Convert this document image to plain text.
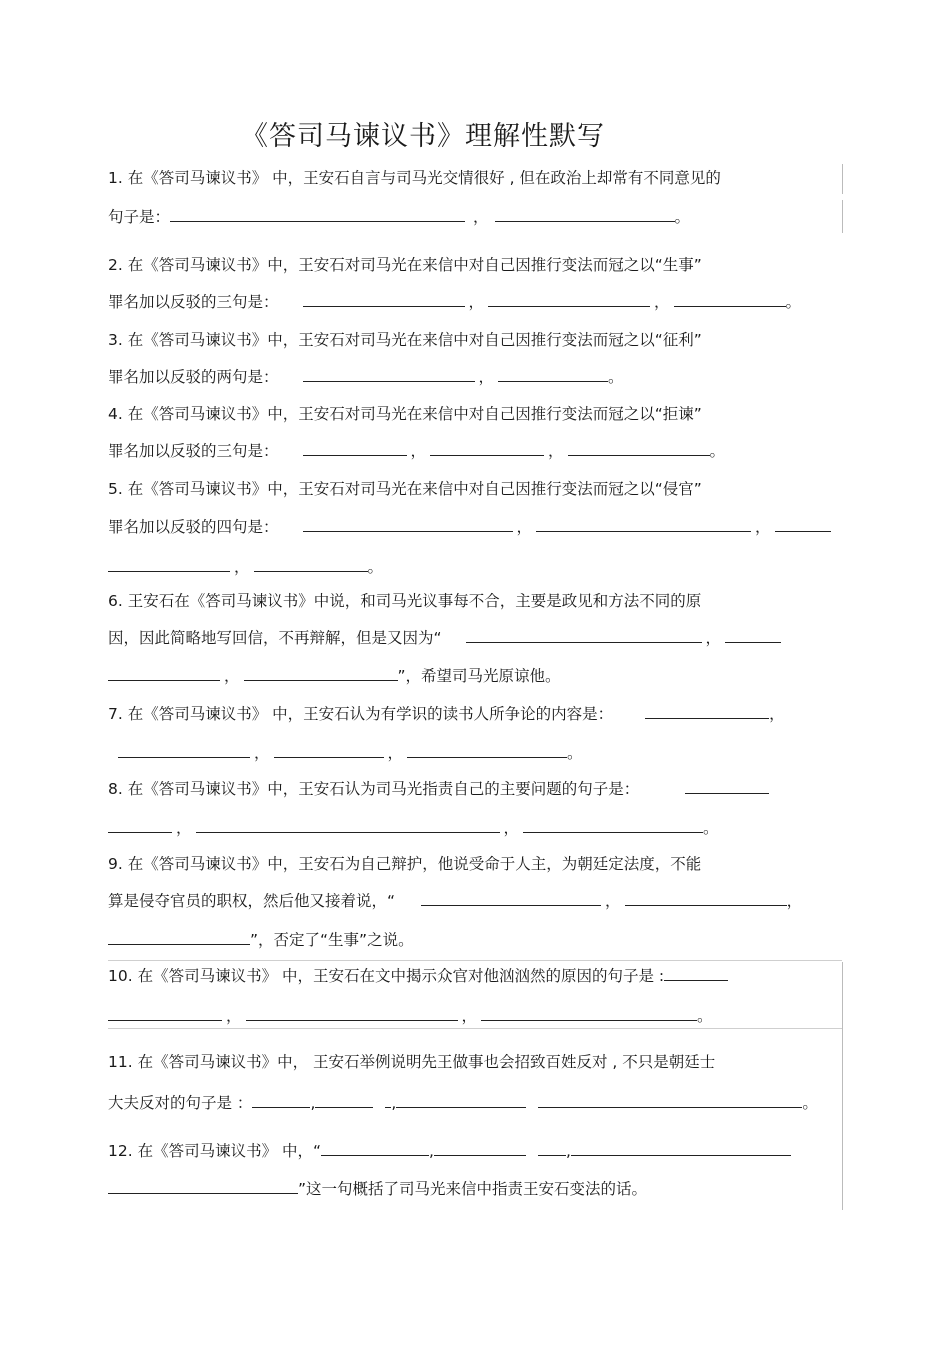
《答司马谏议书》理解性默写
1. 在《答司马谏议书》 中，王安石自言与司马光交情很好 , 但在政治上却常有不同意见的
句子是：	，	。
2. 在《答司马谏议书》中，王安石对司马光在来信中对自己因推行变法而冠之以“生事”
罪名加以反驳的三句是：	，	，	。
3. 在《答司马谏议书》中，王安石对司马光在来信中对自己因推行变法而冠之以“征利”
罪名加以反驳的两句是：	，	。
4. 在《答司马谏议书》中，王安石对司马光在来信中对自己因推行变法而冠之以“拒谏”
罪名加以反驳的三句是：	，	，	。
5. 在《答司马谏议书》中，王安石对司马光在来信中对自己因推行变法而冠之以“侵官”
罪名加以反驳的四句是：	，	，
，	。
6. 王安石在《答司马谏议书》中说，和司马光议事每不合，主要是政见和方法不同的原
因，因此简略地写回信，不再辩解，但是又因为“	，
，	”，希望司马光原谅他。
7. 在《答司马谏议书》 中，王安石认为有学识的读书人所争论的内容是：	，
，	，	。
8. 在《答司马谏议书》中，王安石认为司马光指责自己的主要问题的句子是：
，	，	。
9. 在《答司马谏议书》中，王安石为自己辩护，他说受命于人主，为朝廷定法度，不能
算是侵夺官员的职权，然后他又接着说，“	，	，
”，否定了“生事”之说。
10. 在《答司马谏议书》 中，王安石在文中揭示众官对他汹汹然的原因的句子是 :
，	，	。
11. 在《答司马谏议书》中， 王安石举例说明先王做事也会招致百姓反对 , 不只是朝廷士
大夫反对的句子是 ：	,	,	。
12. 在《答司马谏议书》 中，“	,	,
”这一句概括了司马光来信中指责王安石变法的话。
